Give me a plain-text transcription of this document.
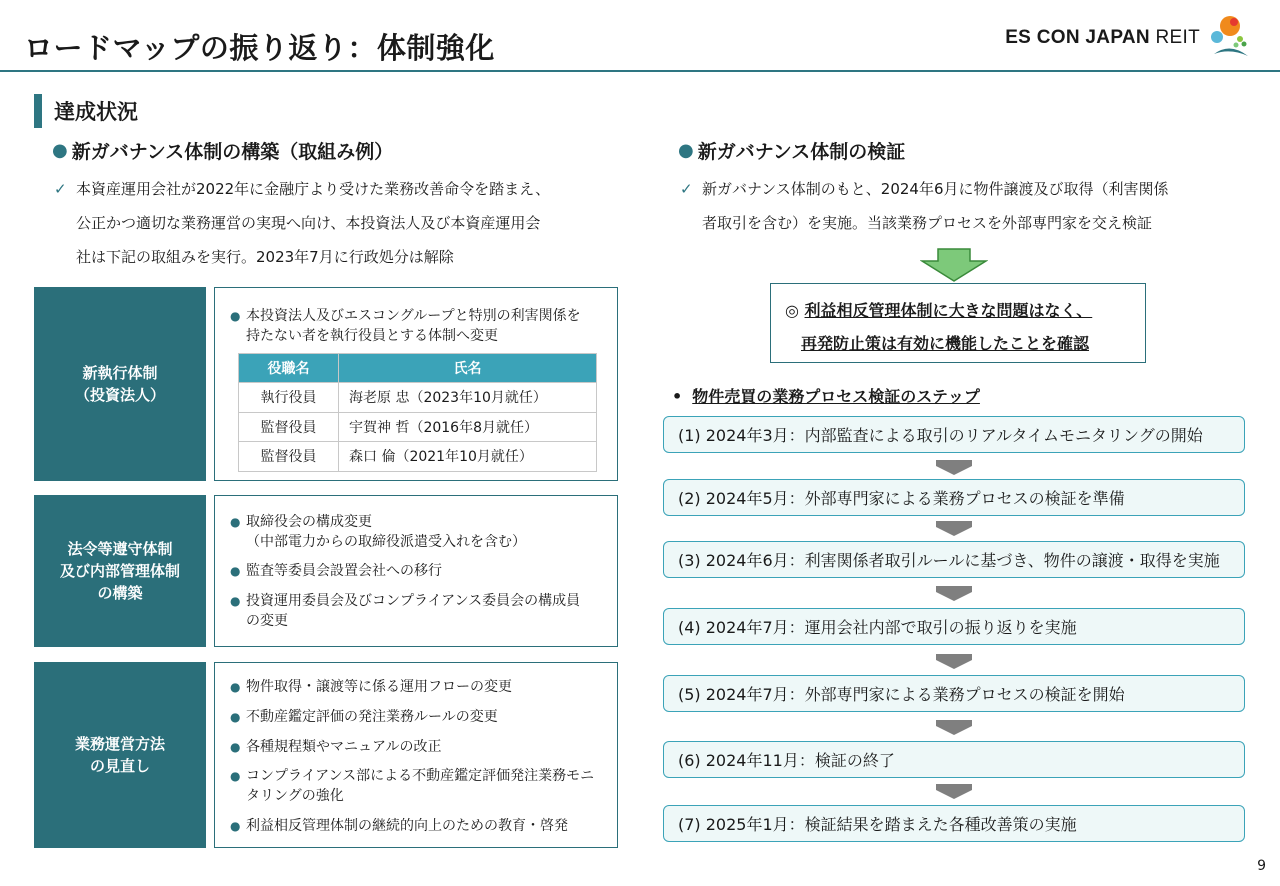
ロードマップの振り返り：体制強化	ES CON JAPAN REIT
達成状況
● 新ガバナンス体制の構築（取組み例）
✓ 本資産運用会社が2022年に金融庁より受けた業務改善命令を踏まえ、
公正かつ適切な業務運営の実現へ向け、本投資法人及び本資産運用会
社は下記の取組みを実行。2023年7月に行政処分は解除
新執行体制
（投資法人）
● 本投資法人及びエスコングループと特別の利害関係を
持たない者を執行役員とする体制へ変更
役職名	氏名
執行役員	海老原 忠（2023年10月就任）
監督役員	宇賀神 哲（2016年8月就任）
監督役員	森口 倫（2021年10月就任）
法令等遵守体制
及び内部管理体制
の構築
● 取締役会の構成変更
（中部電力からの取締役派遣受入れを含む）
● 監査等委員会設置会社への移行
● 投資運用委員会及びコンプライアンス委員会の構成員
の変更
業務運営方法
の見直し
● 物件取得・譲渡等に係る運用フローの変更
● 不動産鑑定評価の発注業務ルールの変更
● 各種規程類やマニュアルの改正
● コンプライアンス部による不動産鑑定評価発注業務モニ
タリングの強化
● 利益相反管理体制の継続的向上のための教育・啓発
● 新ガバナンス体制の検証
✓ 新ガバナンス体制のもと、2024年6月に物件譲渡及び取得（利害関係
者取引を含む）を実施。当該業務プロセスを外部専門家を交え検証
◎ 利益相反管理体制に大きな問題はなく、
再発防止策は有効に機能したことを確認
• 物件売買の業務プロセス検証のステップ
(1) 2024年3月：内部監査による取引のリアルタイムモニタリングの開始
(2) 2024年5月：外部専門家による業務プロセスの検証を準備
(3) 2024年6月：利害関係者取引ルールに基づき、物件の譲渡・取得を実施
(4) 2024年7月：運用会社内部で取引の振り返りを実施
(5) 2024年7月：外部専門家による業務プロセスの検証を開始
(6) 2024年11月：検証の終了
(7) 2025年1月：検証結果を踏まえた各種改善策の実施
9
